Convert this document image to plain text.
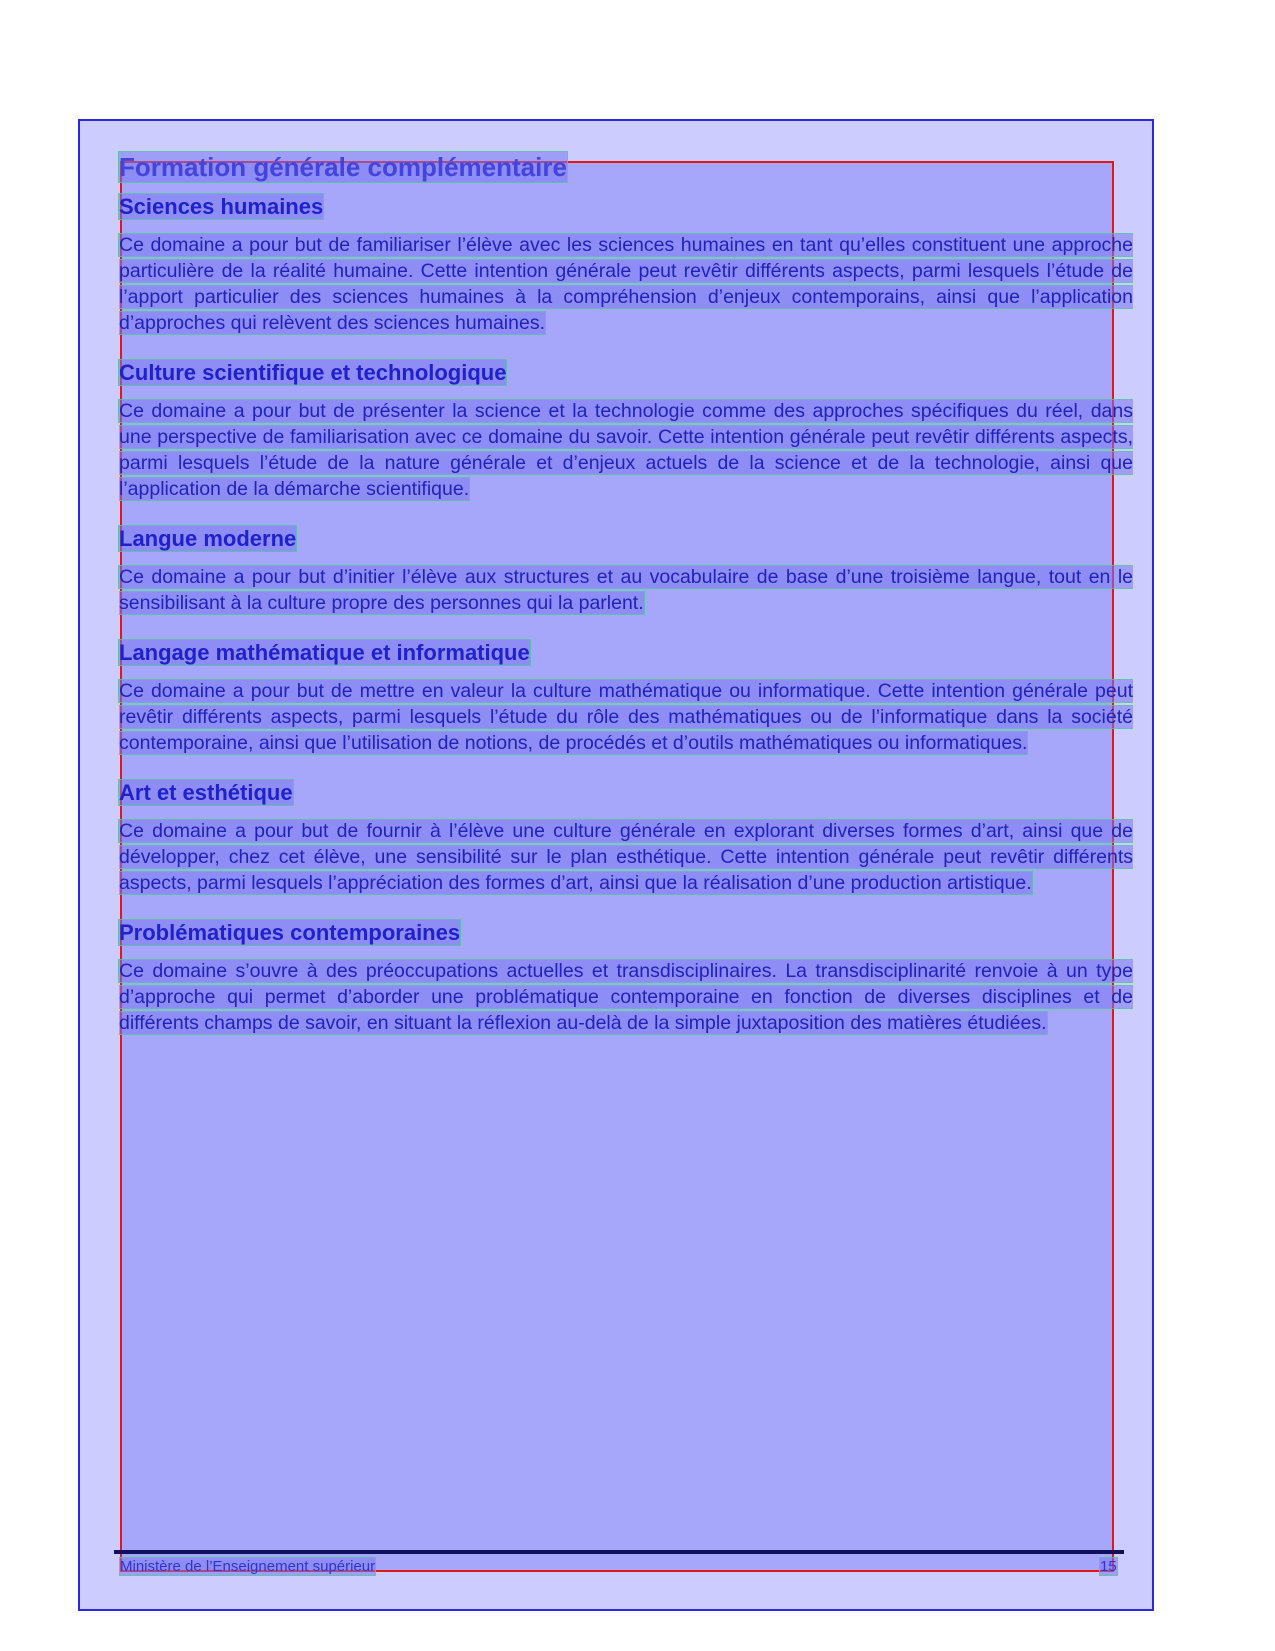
Formation générale complémentaire
Sciences humaines

Ce domaine a pour but de familiariser l’élève avec les sciences humaines en tant qu’elles constituent une approche particulière de la réalité humaine. Cette intention générale peut revêtir différents aspects, parmi lesquels l’étude de l’apport particulier des sciences humaines à la compréhension d’enjeux contemporains, ainsi que l’application d’approches qui relèvent des sciences humaines.

Culture scientifique et technologique

Ce domaine a pour but de présenter la science et la technologie comme des approches spécifiques du réel, dans une perspective de familiarisation avec ce domaine du savoir. Cette intention générale peut revêtir différents aspects, parmi lesquels l’étude de la nature générale et d’enjeux actuels de la science et de la technologie, ainsi que l’application de la démarche scientifique.

Langue moderne

Ce domaine a pour but d’initier l’élève aux structures et au vocabulaire de base d’une troisième langue, tout en le sensibilisant à la culture propre des personnes qui la parlent.

Langage mathématique et informatique

Ce domaine a pour but de mettre en valeur la culture mathématique ou informatique. Cette intention générale peut revêtir différents aspects, parmi lesquels l’étude du rôle des mathématiques ou de l’informatique dans la société contemporaine, ainsi que l’utilisation de notions, de procédés et d’outils mathématiques ou informatiques.

Art et esthétique

Ce domaine a pour but de fournir à l’élève une culture générale en explorant diverses formes d’art, ainsi que de développer, chez cet élève, une sensibilité sur le plan esthétique. Cette intention générale peut revêtir différents aspects, parmi lesquels l’appréciation des formes d’art, ainsi que la réalisation d’une production artistique.

Problématiques contemporaines

Ce domaine s’ouvre à des préoccupations actuelles et transdisciplinaires. La transdisciplinarité renvoie à un type d’approche qui permet d’aborder une problématique contemporaine en fonction de diverses disciplines et de différents champs de savoir, en situant la réflexion au-delà de la simple juxtaposition des matières étudiées.

Ministère de l’Enseignement supérieur	15
